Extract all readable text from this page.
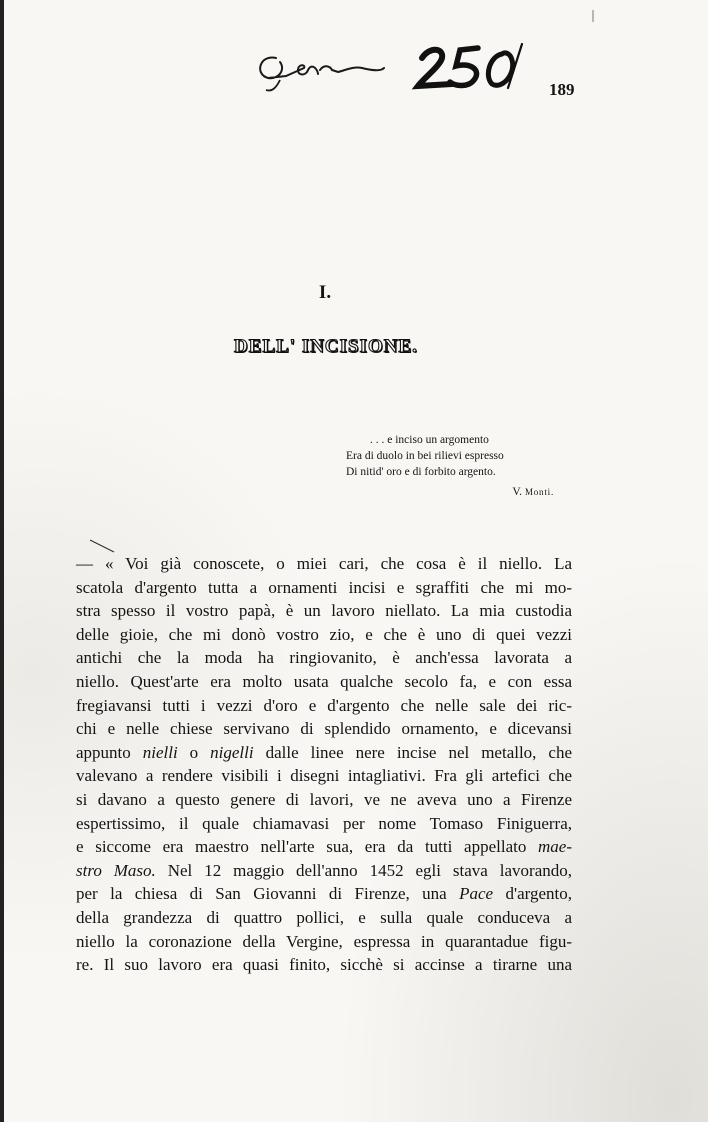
189
I.
DELL' INCISIONE.
. . . e inciso un argomento
Era di duolo in bei rilievi espresso
Di nitid' oro e di forbito argento.
V. Monti.
— « Voi già conoscete, o miei cari, che cosa è il niello. La
scatola d'argento tutta a ornamenti incisi e sgraffiti che mi mo-
stra spesso il vostro papà, è un lavoro niellato. La mia custodia
delle gioie, che mi donò vostro zio, e che è uno di quei vezzi
antichi che la moda ha ringiovanito, è anch'essa lavorata a
niello. Quest'arte era molto usata qualche secolo fa, e con essa
fregiavansi tutti i vezzi d'oro e d'argento che nelle sale dei ric-
chi e nelle chiese servivano di splendido ornamento, e dicevansi
appunto nielli o nigelli dalle linee nere incise nel metallo, che
valevano a rendere visibili i disegni intagliativi. Fra gli artefici che
si davano a questo genere di lavori, ve ne aveva uno a Firenze
espertissimo, il quale chiamavasi per nome Tomaso Finiguerra,
e siccome era maestro nell'arte sua, era da tutti appellato mae-
stro Maso. Nel 12 maggio dell'anno 1452 egli stava lavorando,
per la chiesa di San Giovanni di Firenze, una Pace d'argento,
della grandezza di quattro pollici, e sulla quale conduceva a
niello la coronazione della Vergine, espressa in quarantadue figu-
re. Il suo lavoro era quasi finito, sicchè si accinse a tirarne una
